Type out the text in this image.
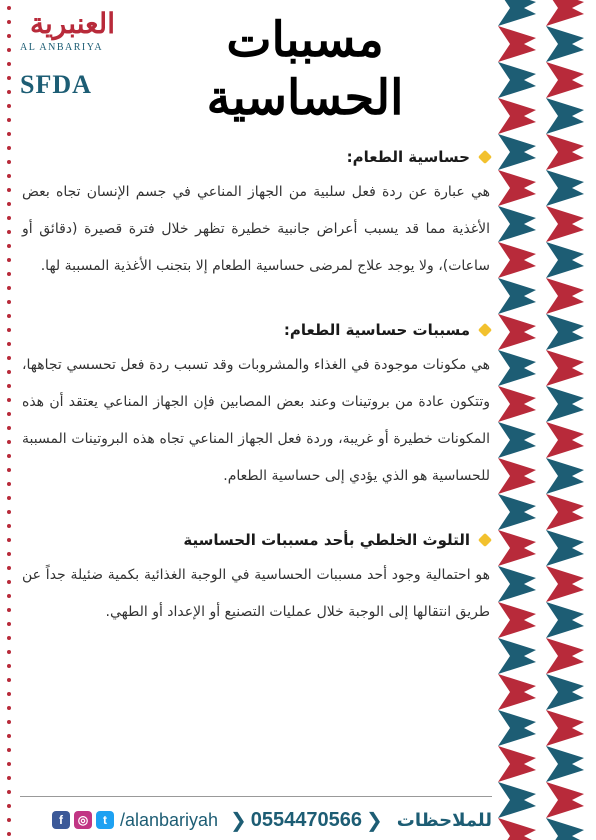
العنبرية
AL ANBARIYA
SFDA
مسببات
الحساسية
حساسية الطعام:
هي عبارة عن ردة فعل سلبية من الجهاز المناعي في جسم الإنسان تجاه بعض الأغذية مما قد يسبب أعراض جانبية خطيرة تظهر خلال فترة قصيرة (دقائق أو ساعات)، ولا يوجد علاج لمرضى حساسية الطعام إلا بتجنب الأغذية المسببة لها.
مسببات حساسية الطعام:
هي مكونات موجودة في الغذاء والمشروبات وقد تسبب ردة فعل تحسسي تجاهها، وتتكون عادة من بروتينات وعند بعض المصابين فإن الجهاز المناعي يعتقد أن هذه المكونات خطيرة أو غريبة، وردة فعل الجهاز المناعي تجاه هذه البروتينات المسببة للحساسية هو الذي يؤدي إلى حساسية الطعام.
التلوث الخلطي بأحد مسببات الحساسية
هو احتمالية وجود أحد مسببات الحساسية في الوجبة الغذائية بكمية ضئيلة جداً عن طريق انتقالها إلى الوجبة خلال عمليات التصنيع أو الإعداد أو الطهي.
للملاحظات
❮
0554470566
❮
/alanbariyah
f	◎	t
